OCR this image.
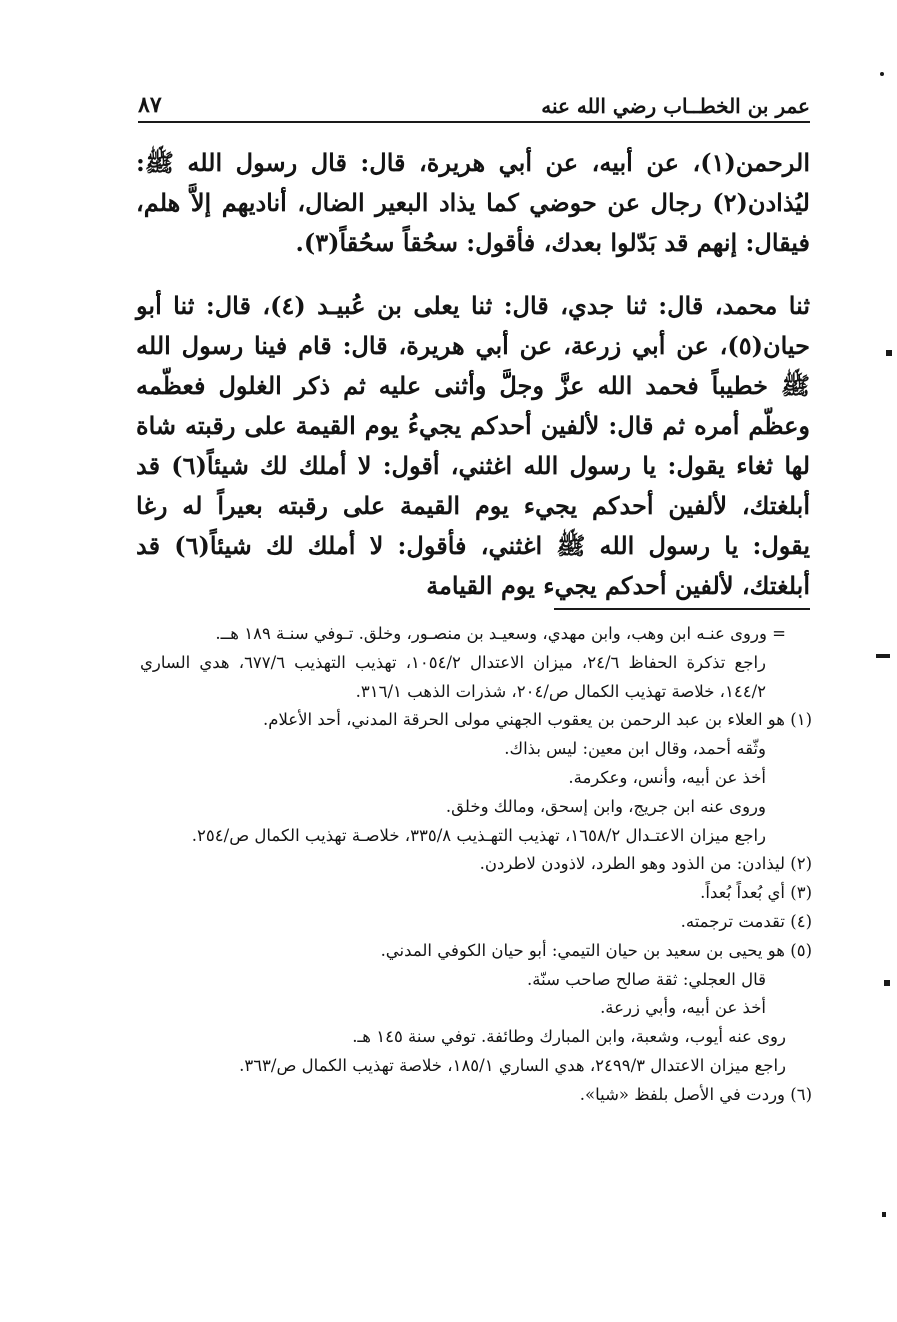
عمر بن الخطــاب رضي الله عنه
٨٧

الرحمن(١)، عن أبيه، عن أبي هريرة، قال: قال رسول الله ﷺ: ليُذادن(٢) رجال عن حوضي كما يذاد البعير الضال، أناديهم إلاَّ هلم، فيقال: إنهم قد بَدّلوا بعدك، فأقول: سحُقاً سحُقاً(٣).

ثنا محمد، قال: ثنا جدي، قال: ثنا يعلى بن عُبيـد (٤)، قال: ثنا أبو حيان(٥)، عن أبي زرعة، عن أبي هريرة، قال: قام فينا رسول الله ﷺ خطيباً فحمد الله عزَّ وجلَّ وأثنى عليه ثم ذكر الغلول فعظّمه وعظّم أمره ثم قال: لألفين أحدكم يجيءُ يوم القيمة على رقبته شاة لها ثغاء يقول: يا رسول الله اغثني، أقول: لا أملك لك شيئاً(٦) قد أبلغتك، لألفين أحدكم يجيء يوم القيمة على رقبته بعيراً له رغا يقول: يا رسول الله ﷺ اغثني، فأقول: لا أملك لك شيئاً(٦) قد أبلغتك، لألفين أحدكم يجيء يوم القيامة

= وروى عنـه ابن وهب، وابن مهدي، وسعيـد بن منصـور، وخلق. تـوفي سنـة ١٨٩ هــ.

راجع تذكرة الحفاظ ٢٤/٦، ميزان الاعتدال ١٠٥٤/٢، تهذيب التهذيب ٦٧٧/٦، هدي الساري ١٤٤/٢، خلاصة تهذيب الكمال ص/٢٠٤، شذرات الذهب ٣١٦/١.

(١) هو العلاء بن عبد الرحمن بن يعقوب الجهني مولى الحرقة المدني، أحد الأعلام.

وثّقه أحمد، وقال ابن معين: ليس بذاك.

أخذ عن أبيه، وأنس، وعكرمة.

وروى عنه ابن جريج، وابن إسحق، ومالك وخلق.

راجع ميزان الاعتـدال ١٦٥٨/٢، تهذيب التهـذيب ٣٣٥/٨، خلاصـة تهذيب الكمال ص/٢٥٤.

(٢) ليذادن: من الذود وهو الطرد، لاذودن لاطردن.

(٣) أي بُعداً بُعداً.

(٤) تقدمت ترجمته.

(٥) هو يحيى بن سعيد بن حيان التيمي: أبو حيان الكوفي المدني.

قال العجلي: ثقة صالح صاحب سنّة.

أخذ عن أبيه، وأبي زرعة.

روى عنه أيوب، وشعبة، وابن المبارك وطائفة. توفي سنة ١٤٥ هـ.

راجع ميزان الاعتدال ٢٤٩٩/٣، هدي الساري ١٨٥/١، خلاصة تهذيب الكمال ص/٣٦٣.

(٦) وردت في الأصل بلفظ «شيا».
